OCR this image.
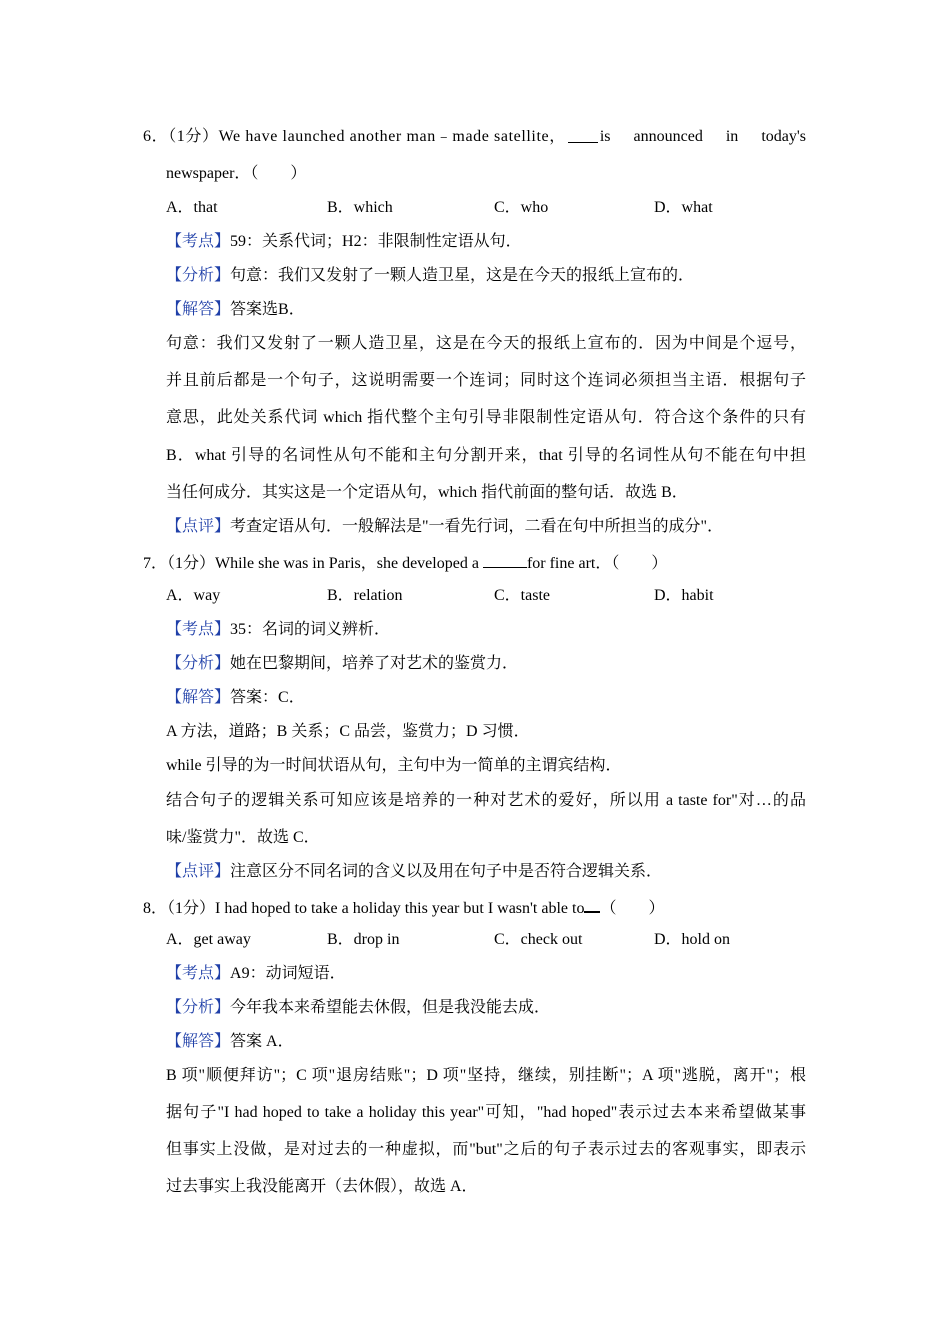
6．（1分）We have launched another man﹣made satellite， is announced in today's
newspaper．（　　）
A．that	B．which	C．who	D．what
【考点】59：关系代词；H2：非限制性定语从句．
【分析】句意：我们又发射了一颗人造卫星，这是在今天的报纸上宣布的．
【解答】答案选B．
句意：我们又发射了一颗人造卫星，这是在今天的报纸上宣布的．因为中间是个逗号，
并且前后都是一个句子，这说明需要一个连词；同时这个连词必须担当主语．根据句子
意思，此处关系代词 which 指代整个主句引导非限制性定语从句．符合这个条件的只有
B．what 引导的名词性从句不能和主句分割开来，that 引导的名词性从句不能在句中担
当任何成分．其实这是一个定语从句，which 指代前面的整句话．故选 B．
【点评】考查定语从句．一般解法是"一看先行词，二看在句中所担当的成分"．
7．（1分）While she was in Paris，she developed a	for fine art．（　　）
A．way	B．relation	C．taste	D．habit
【考点】35：名词的词义辨析．
【分析】她在巴黎期间，培养了对艺术的鉴赏力．
【解答】答案：C．
A 方法，道路；B 关系；C 品尝，鉴赏力；D 习惯．
while 引导的为一时间状语从句，主句中为一简单的主谓宾结构．
结合句子的逻辑关系可知应该是培养的一种对艺术的爱好，所以用 a taste for"对…的品
味/鉴赏力"．故选 C．
【点评】注意区分不同名词的含义以及用在句子中是否符合逻辑关系．
8．（1分）I had hoped to take a holiday this year but I wasn't able to （　　）
A．get away	B．drop in	C．check out	D．hold on
【考点】A9：动词短语．
【分析】今年我本来希望能去休假，但是我没能去成．
【解答】答案 A．
B 项"顺便拜访"；C 项"退房结账"；D 项"坚持，继续，别挂断"；A 项"逃脱，离开"；根
据句子"I had hoped to take a holiday this year"可知，"had hoped"表示过去本来希望做某事
但事实上没做，是对过去的一种虚拟，而"but"之后的句子表示过去的客观事实，即表示
过去事实上我没能离开（去休假），故选 A．
